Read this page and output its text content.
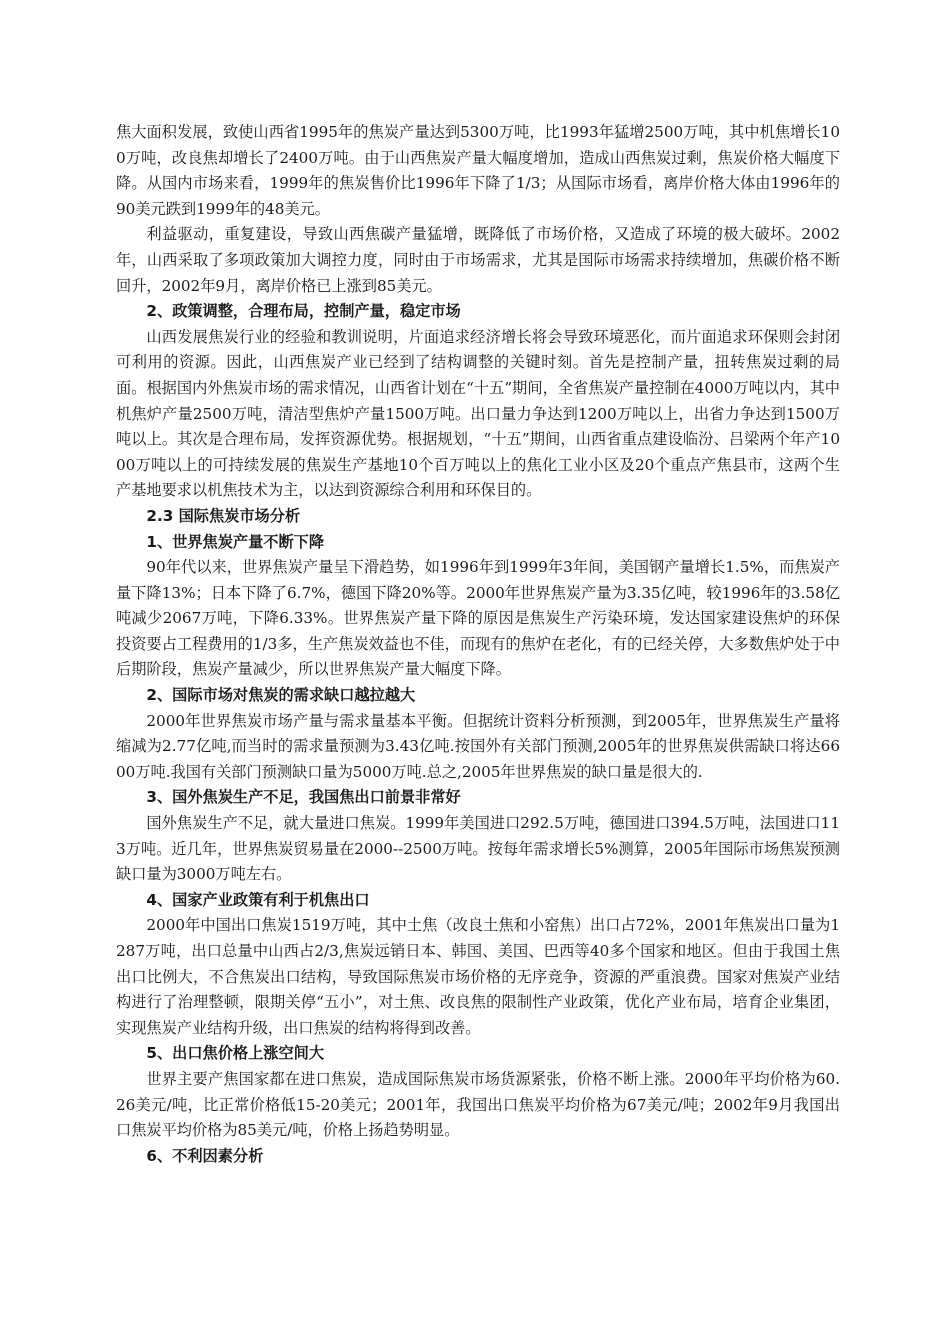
焦大面积发展，致使山西省1995年的焦炭产量达到5300万吨，比1993年猛增2500万吨，其中机焦增长100万吨，改良焦却增长了2400万吨。由于山西焦炭产量大幅度增加，造成山西焦炭过剩，焦炭价格大幅度下降。从国内市场来看，1999年的焦炭售价比1996年下降了1/3；从国际市场看，离岸价格大体由1996年的90美元跌到1999年的48美元。

利益驱动，重复建设，导致山西焦碳产量猛增，既降低了市场价格，又造成了环境的极大破坏。2002年，山西采取了多项政策加大调控力度，同时由于市场需求，尤其是国际市场需求持续增加，焦碳价格不断回升，2002年9月，离岸价格已上涨到85美元。

2、政策调整，合理布局，控制产量，稳定市场

山西发展焦炭行业的经验和教训说明，片面追求经济增长将会导致环境恶化，而片面追求环保则会封闭可利用的资源。因此，山西焦炭产业已经到了结构调整的关键时刻。首先是控制产量，扭转焦炭过剩的局面。根据国内外焦炭市场的需求情况，山西省计划在“十五”期间，全省焦炭产量控制在4000万吨以内，其中机焦炉产量2500万吨，清洁型焦炉产量1500万吨。出口量力争达到1200万吨以上，出省力争达到1500万吨以上。其次是合理布局，发挥资源优势。根据规划，“十五”期间，山西省重点建设临汾、吕梁两个年产1000万吨以上的可持续发展的焦炭生产基地10个百万吨以上的焦化工业小区及20个重点产焦县市，这两个生产基地要求以机焦技术为主，以达到资源综合利用和环保目的。

2.3 国际焦炭市场分析
1、世界焦炭产量不断下降

90年代以来，世界焦炭产量呈下滑趋势，如1996年到1999年3年间，美国钢产量增长1.5%，而焦炭产量下降13%；日本下降了6.7%，德国下降20%等。2000年世界焦炭产量为3.35亿吨，较1996年的3.58亿吨减少2067万吨，下降6.33%。世界焦炭产量下降的原因是焦炭生产污染环境，发达国家建设焦炉的环保投资要占工程费用的1/3多，生产焦炭效益也不佳，而现有的焦炉在老化，有的已经关停，大多数焦炉处于中后期阶段，焦炭产量减少，所以世界焦炭产量大幅度下降。

2、国际市场对焦炭的需求缺口越拉越大

2000年世界焦炭市场产量与需求量基本平衡。但据统计资料分析预测，到2005年，世界焦炭生产量将缩减为2.77亿吨,而当时的需求量预测为3.43亿吨.按国外有关部门预测,2005年的世界焦炭供需缺口将达6600万吨.我国有关部门预测缺口量为5000万吨.总之,2005年世界焦炭的缺口量是很大的.

3、国外焦炭生产不足，我国焦出口前景非常好

国外焦炭生产不足，就大量进口焦炭。1999年美国进口292.5万吨，德国进口394.5万吨，法国进口113万吨。近几年，世界焦炭贸易量在2000--2500万吨。按每年需求增长5%测算，2005年国际市场焦炭预测缺口量为3000万吨左右。

4、国家产业政策有利于机焦出口

2000年中国出口焦炭1519万吨，其中土焦（改良土焦和小窑焦）出口占72%，2001年焦炭出口量为1287万吨，出口总量中山西占2/3,焦炭远销日本、韩国、美国、巴西等40多个国家和地区。但由于我国土焦出口比例大，不合焦炭出口结构，导致国际焦炭市场价格的无序竞争，资源的严重浪费。国家对焦炭产业结构进行了治理整顿，限期关停“五小”，对土焦、改良焦的限制性产业政策，优化产业布局，培育企业集团，实现焦炭产业结构升级，出口焦炭的结构将得到改善。

5、出口焦价格上涨空间大

世界主要产焦国家都在进口焦炭，造成国际焦炭市场货源紧张，价格不断上涨。2000年平均价格为60.26美元/吨，比正常价格低15-20美元；2001年，我国出口焦炭平均价格为67美元/吨；2002年9月我国出口焦炭平均价格为85美元/吨，价格上扬趋势明显。

6、不利因素分析
